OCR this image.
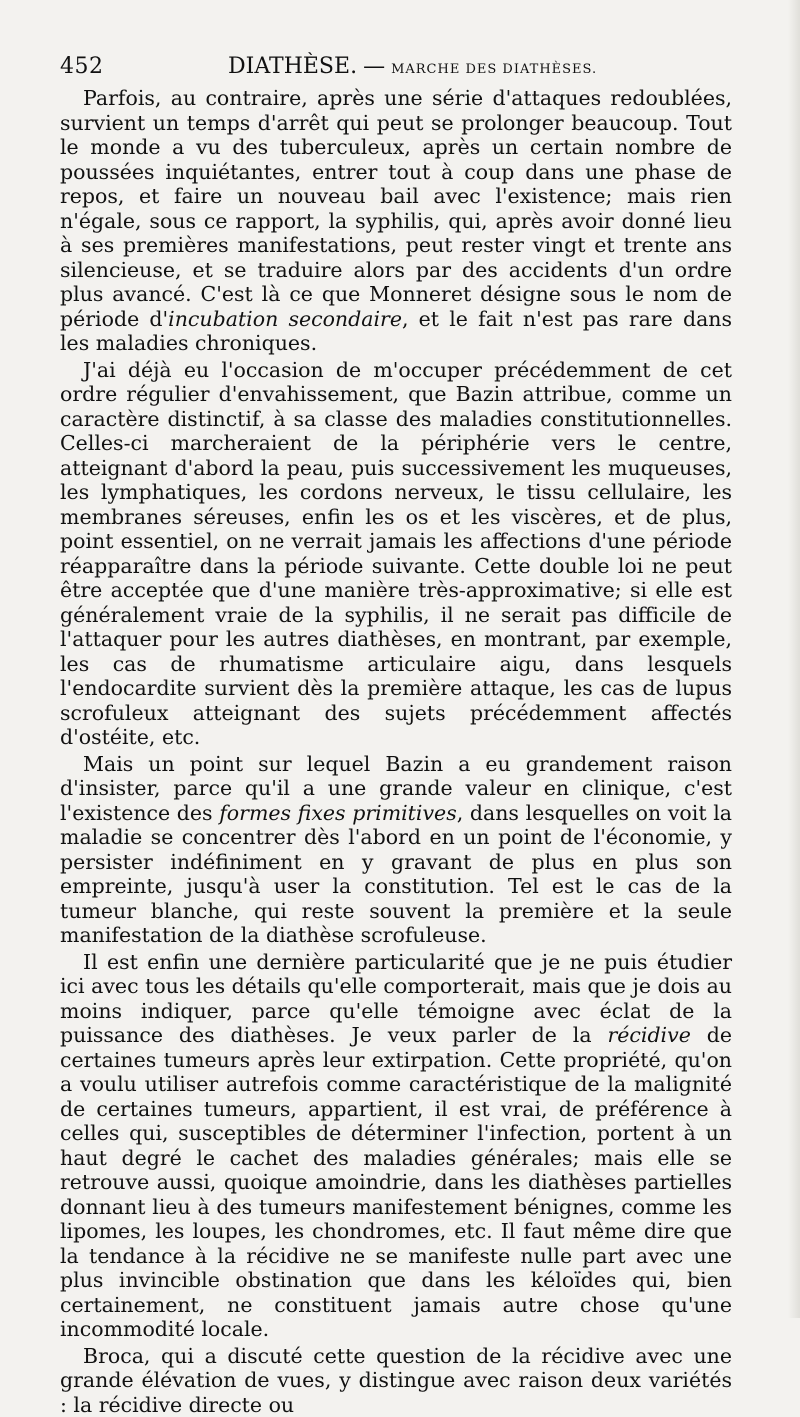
452	DIATHÈSE. — MARCHE DES DIATHÈSES.

Parfois, au contraire, après une série d'attaques redoublées, survient un temps d'arrêt qui peut se prolonger beaucoup. Tout le monde a vu des tuberculeux, après un certain nombre de poussées inquiétantes, entrer tout à coup dans une phase de repos, et faire un nouveau bail avec l'existence; mais rien n'égale, sous ce rapport, la syphilis, qui, après avoir donné lieu à ses premières manifestations, peut rester vingt et trente ans silencieuse, et se traduire alors par des accidents d'un ordre plus avancé. C'est là ce que Monneret désigne sous le nom de période d'incubation secondaire, et le fait n'est pas rare dans les maladies chroniques.

J'ai déjà eu l'occasion de m'occuper précédemment de cet ordre régulier d'envahissement, que Bazin attribue, comme un caractère distinctif, à sa classe des maladies constitutionnelles. Celles-ci marcheraient de la périphérie vers le centre, atteignant d'abord la peau, puis successivement les muqueuses, les lymphatiques, les cordons nerveux, le tissu cellulaire, les membranes séreuses, enfin les os et les viscères, et de plus, point essentiel, on ne verrait jamais les affections d'une période réapparaître dans la période suivante. Cette double loi ne peut être acceptée que d'une manière très-approximative; si elle est généralement vraie de la syphilis, il ne serait pas difficile de l'attaquer pour les autres diathèses, en montrant, par exemple, les cas de rhumatisme articulaire aigu, dans lesquels l'endocardite survient dès la première attaque, les cas de lupus scrofuleux atteignant des sujets précédemment affectés d'ostéite, etc.

Mais un point sur lequel Bazin a eu grandement raison d'insister, parce qu'il a une grande valeur en clinique, c'est l'existence des formes fixes primitives, dans lesquelles on voit la maladie se concentrer dès l'abord en un point de l'économie, y persister indéfiniment en y gravant de plus en plus son empreinte, jusqu'à user la constitution. Tel est le cas de la tumeur blanche, qui reste souvent la première et la seule manifestation de la diathèse scrofuleuse.

Il est enfin une dernière particularité que je ne puis étudier ici avec tous les détails qu'elle comporterait, mais que je dois au moins indiquer, parce qu'elle témoigne avec éclat de la puissance des diathèses. Je veux parler de la récidive de certaines tumeurs après leur extirpation. Cette propriété, qu'on a voulu utiliser autrefois comme caractéristique de la malignité de certaines tumeurs, appartient, il est vrai, de préférence à celles qui, susceptibles de déterminer l'infection, portent à un haut degré le cachet des maladies générales; mais elle se retrouve aussi, quoique amoindrie, dans les diathèses partielles donnant lieu à des tumeurs manifestement bénignes, comme les lipomes, les loupes, les chondromes, etc. Il faut même dire que la tendance à la récidive ne se manifeste nulle part avec une plus invincible obstination que dans les kéloïdes qui, bien certainement, ne constituent jamais autre chose qu'une incommodité locale.

Broca, qui a discuté cette question de la récidive avec une grande élévation de vues, y distingue avec raison deux variétés : la récidive directe ou
